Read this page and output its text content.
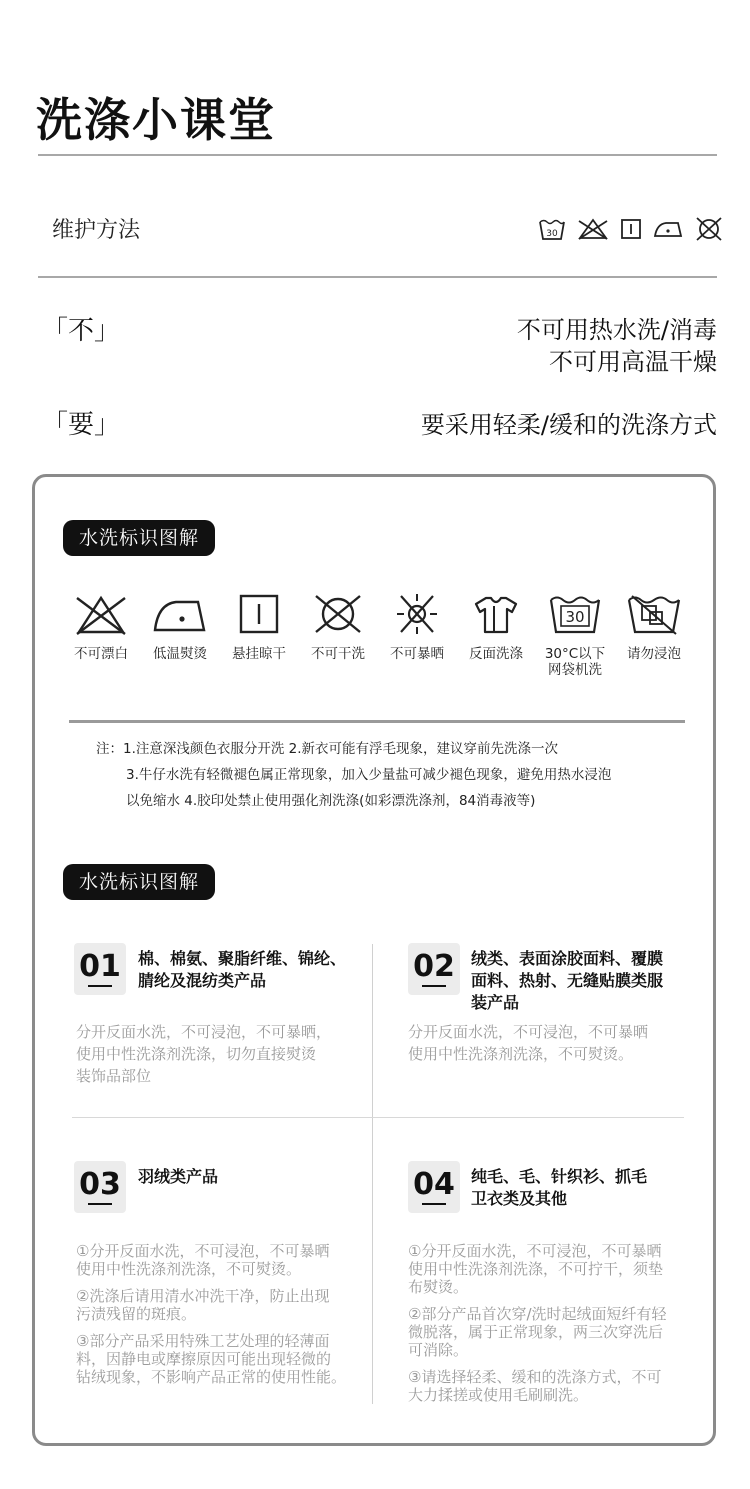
洗涤小课堂
维护方法	30
「不」	不可用热水洗/消毒
不可用高温干燥
「要」	要采用轻柔/缓和的洗涤方式
水洗标识图解
不可漂白	低温熨烫	悬挂晾干	不可干洗	不可暴晒	反面洗涤
30
30°C以下
网袋机洗
请勿浸泡
注：1.注意深浅颜色衣服分开洗 2.新衣可能有浮毛现象，建议穿前先洗涤一次
3.牛仔水洗有轻微褪色属正常现象，加入少量盐可减少褪色现象，避免用热水浸泡
以免缩水 4.胶印处禁止使用强化剂洗涤(如彩漂洗涤剂，84消毒液等)
水洗标识图解
01	棉、棉氨、聚脂纤维、锦纶、
腈纶及混纺类产品
分开反面水洗，不可浸泡，不可暴晒，
使用中性洗涤剂洗涤，切勿直接熨烫
装饰品部位
02	绒类、表面涂胶面料、覆膜
面料、热射、无缝贴膜类服
装产品
分开反面水洗，不可浸泡，不可暴晒
使用中性洗涤剂洗涤，不可熨烫。
03	羽绒类产品
①分开反面水洗，不可浸泡，不可暴晒
使用中性洗涤剂洗涤，不可熨烫。
②洗涤后请用清水冲洗干净，防止出现
污渍残留的斑痕。
③部分产品采用特殊工艺处理的轻薄面
料，因静电或摩擦原因可能出现轻微的
钻绒现象，不影响产品正常的使用性能。
04	纯毛、毛、针织衫、抓毛
卫衣类及其他
①分开反面水洗，不可浸泡，不可暴晒
使用中性洗涤剂洗涤，不可拧干，须垫
布熨烫。
②部分产品首次穿/洗时起绒面短纤有轻
微脱落，属于正常现象，两三次穿洗后
可消除。
③请选择轻柔、缓和的洗涤方式，不可
大力揉搓或使用毛刷刷洗。
